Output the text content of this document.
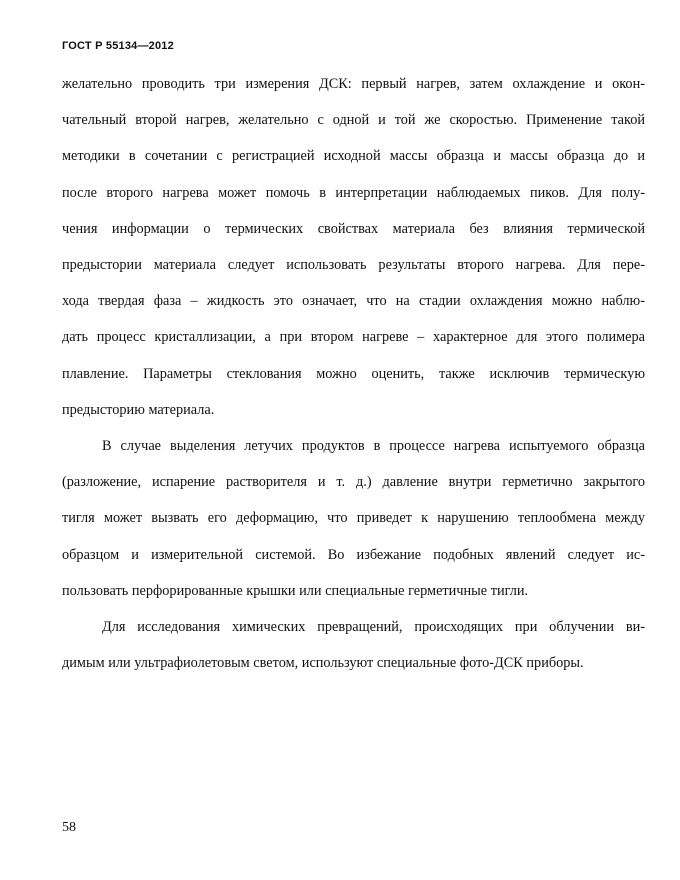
ГОСТ Р 55134—2012
желательно проводить три измерения ДСК: первый нагрев, затем охлаждение и окон-
чательный второй нагрев, желательно с одной и той же скоростью. Применение такой
методики в сочетании с регистрацией исходной массы образца и массы образца до и
после второго нагрева может помочь в интерпретации наблюдаемых пиков. Для полу-
чения информации о термических свойствах материала без влияния термической
предыстории материала следует использовать результаты второго нагрева. Для пере-
хода твердая фаза – жидкость это означает, что на стадии охлаждения можно наблю-
дать процесс кристаллизации, а при втором нагреве – характерное для этого полимера
плавление. Параметры стеклования можно оценить, также исключив термическую
предысторию материала.
В случае выделения летучих продуктов в процессе нагрева испытуемого образца
(разложение, испарение растворителя и т. д.) давление внутри герметично закрытого
тигля может вызвать его деформацию, что приведет к нарушению теплообмена между
образцом и измерительной системой. Во избежание подобных явлений следует ис-
пользовать перфорированные крышки или специальные герметичные тигли.
Для исследования химических превращений, происходящих при облучении ви-
димым или ультрафиолетовым светом, используют специальные фото-ДСК приборы.
58
